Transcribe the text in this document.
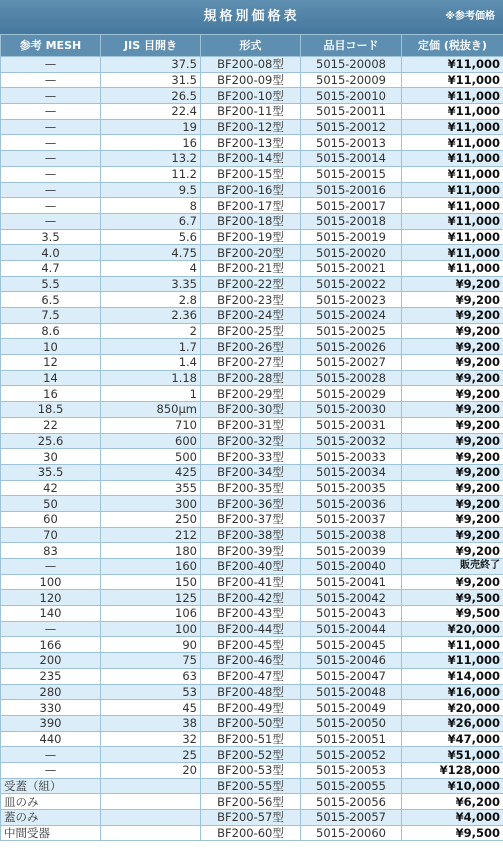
規格別価格表	※参考価格
参考 MESH	JIS 目開き	形式	品目コード	定価 (税抜き)
—	37.5	BF200-08型	5015-20008	¥11,000
—	31.5	BF200-09型	5015-20009	¥11,000
—	26.5	BF200-10型	5015-20010	¥11,000
—	22.4	BF200-11型	5015-20011	¥11,000
—	19	BF200-12型	5015-20012	¥11,000
—	16	BF200-13型	5015-20013	¥11,000
—	13.2	BF200-14型	5015-20014	¥11,000
—	11.2	BF200-15型	5015-20015	¥11,000
—	9.5	BF200-16型	5015-20016	¥11,000
—	8	BF200-17型	5015-20017	¥11,000
—	6.7	BF200-18型	5015-20018	¥11,000
3.5	5.6	BF200-19型	5015-20019	¥11,000
4.0	4.75	BF200-20型	5015-20020	¥11,000
4.7	4	BF200-21型	5015-20021	¥11,000
5.5	3.35	BF200-22型	5015-20022	¥9,200
6.5	2.8	BF200-23型	5015-20023	¥9,200
7.5	2.36	BF200-24型	5015-20024	¥9,200
8.6	2	BF200-25型	5015-20025	¥9,200
10	1.7	BF200-26型	5015-20026	¥9,200
12	1.4	BF200-27型	5015-20027	¥9,200
14	1.18	BF200-28型	5015-20028	¥9,200
16	1	BF200-29型	5015-20029	¥9,200
18.5	850μm	BF200-30型	5015-20030	¥9,200
22	710	BF200-31型	5015-20031	¥9,200
25.6	600	BF200-32型	5015-20032	¥9,200
30	500	BF200-33型	5015-20033	¥9,200
35.5	425	BF200-34型	5015-20034	¥9,200
42	355	BF200-35型	5015-20035	¥9,200
50	300	BF200-36型	5015-20036	¥9,200
60	250	BF200-37型	5015-20037	¥9,200
70	212	BF200-38型	5015-20038	¥9,200
83	180	BF200-39型	5015-20039	¥9,200
—	160	BF200-40型	5015-20040	販売終了
100	150	BF200-41型	5015-20041	¥9,200
120	125	BF200-42型	5015-20042	¥9,500
140	106	BF200-43型	5015-20043	¥9,500
—	100	BF200-44型	5015-20044	¥20,000
166	90	BF200-45型	5015-20045	¥11,000
200	75	BF200-46型	5015-20046	¥11,000
235	63	BF200-47型	5015-20047	¥14,000
280	53	BF200-48型	5015-20048	¥16,000
330	45	BF200-49型	5015-20049	¥20,000
390	38	BF200-50型	5015-20050	¥26,000
440	32	BF200-51型	5015-20051	¥47,000
—	25	BF200-52型	5015-20052	¥51,000
—	20	BF200-53型	5015-20053	¥128,000
受蓋（組）		BF200-55型	5015-20055	¥10,000
皿のみ		BF200-56型	5015-20056	¥6,200
蓋のみ		BF200-57型	5015-20057	¥4,000
中間受器		BF200-60型	5015-20060	¥9,500
